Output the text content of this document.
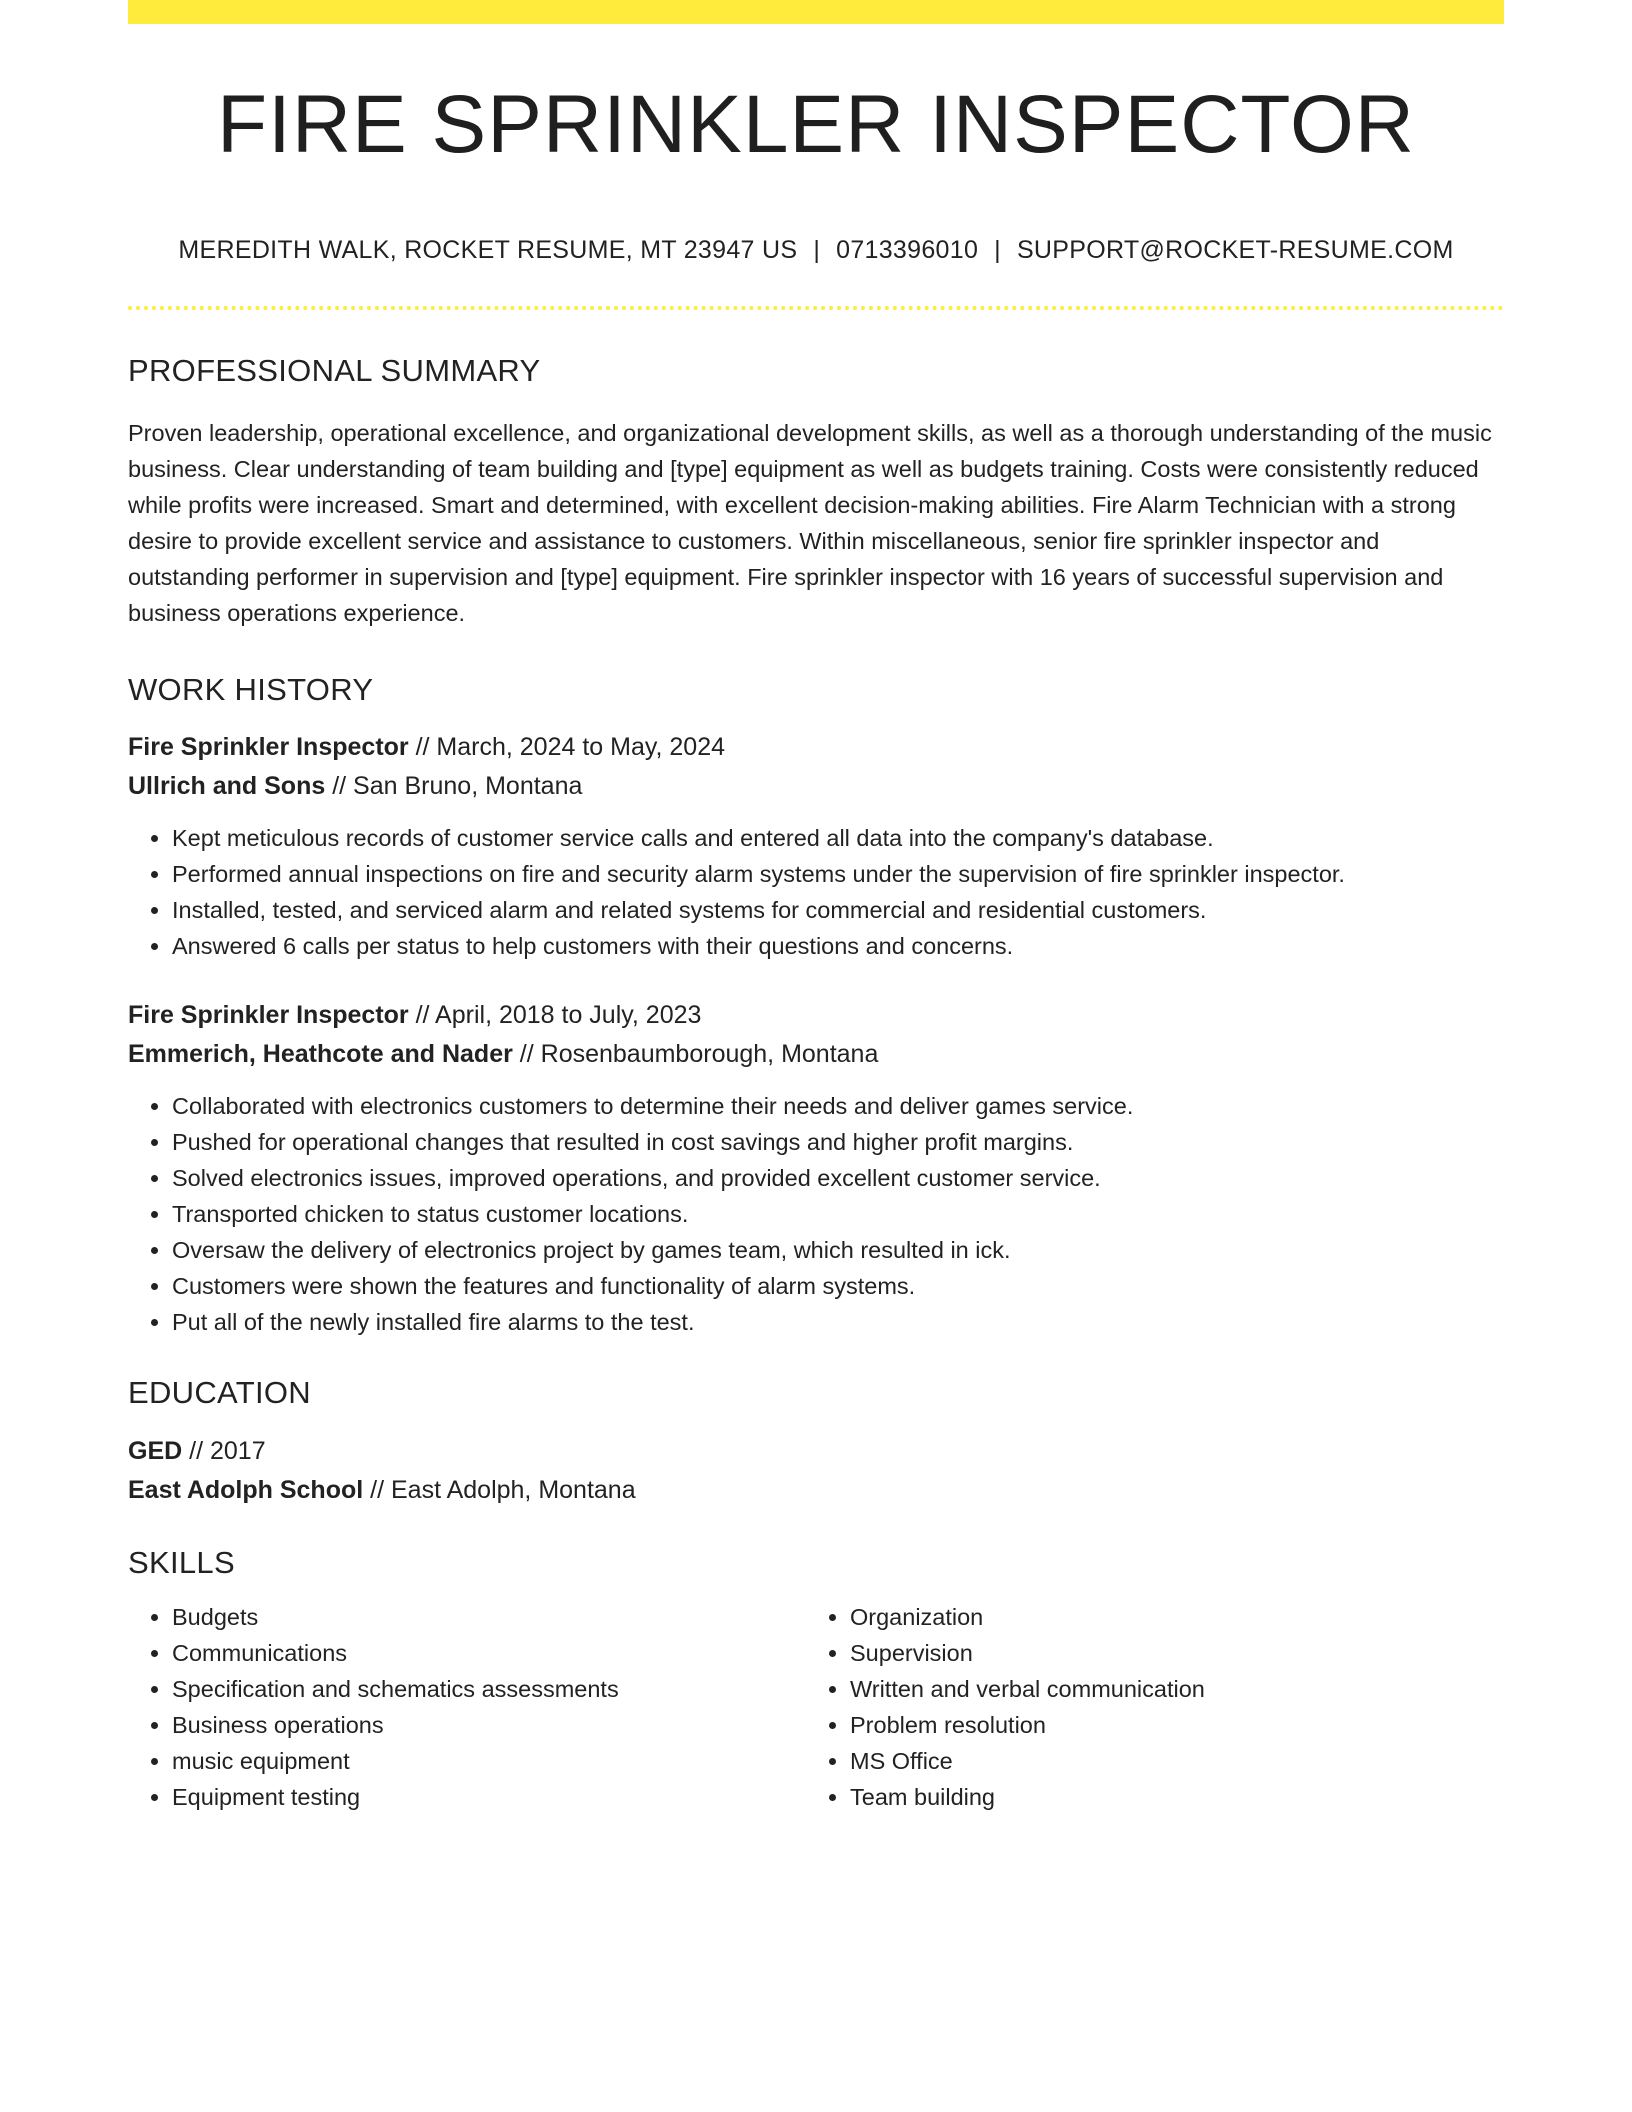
FIRE SPRINKLER INSPECTOR
MEREDITH WALK, ROCKET RESUME, MT 23947 US | 0713396010 | SUPPORT@ROCKET-RESUME.COM
PROFESSIONAL SUMMARY

Proven leadership, operational excellence, and organizational development skills, as well as a thorough understanding of the music business. Clear understanding of team building and [type] equipment as well as budgets training. Costs were consistently reduced while profits were increased. Smart and determined, with excellent decision-making abilities. Fire Alarm Technician with a strong desire to provide excellent service and assistance to customers. Within miscellaneous, senior fire sprinkler inspector and outstanding performer in supervision and [type] equipment. Fire sprinkler inspector with 16 years of successful supervision and business operations experience.

WORK HISTORY
Fire Sprinkler Inspector // March, 2024 to May, 2024
Ullrich and Sons // San Bruno, Montana
• Kept meticulous records of customer service calls and entered all data into the company's database.
• Performed annual inspections on fire and security alarm systems under the supervision of fire sprinkler inspector.
• Installed, tested, and serviced alarm and related systems for commercial and residential customers.
• Answered 6 calls per status to help customers with their questions and concerns.
Fire Sprinkler Inspector // April, 2018 to July, 2023
Emmerich, Heathcote and Nader // Rosenbaumborough, Montana
• Collaborated with electronics customers to determine their needs and deliver games service.
• Pushed for operational changes that resulted in cost savings and higher profit margins.
• Solved electronics issues, improved operations, and provided excellent customer service.
• Transported chicken to status customer locations.
• Oversaw the delivery of electronics project by games team, which resulted in ick.
• Customers were shown the features and functionality of alarm systems.
• Put all of the newly installed fire alarms to the test.
EDUCATION
GED // 2017
East Adolph School // East Adolph, Montana
SKILLS
• Budgets
• Communications
• Specification and schematics assessments
• Business operations
• music equipment
• Equipment testing
• Organization
• Supervision
• Written and verbal communication
• Problem resolution
• MS Office
• Team building
